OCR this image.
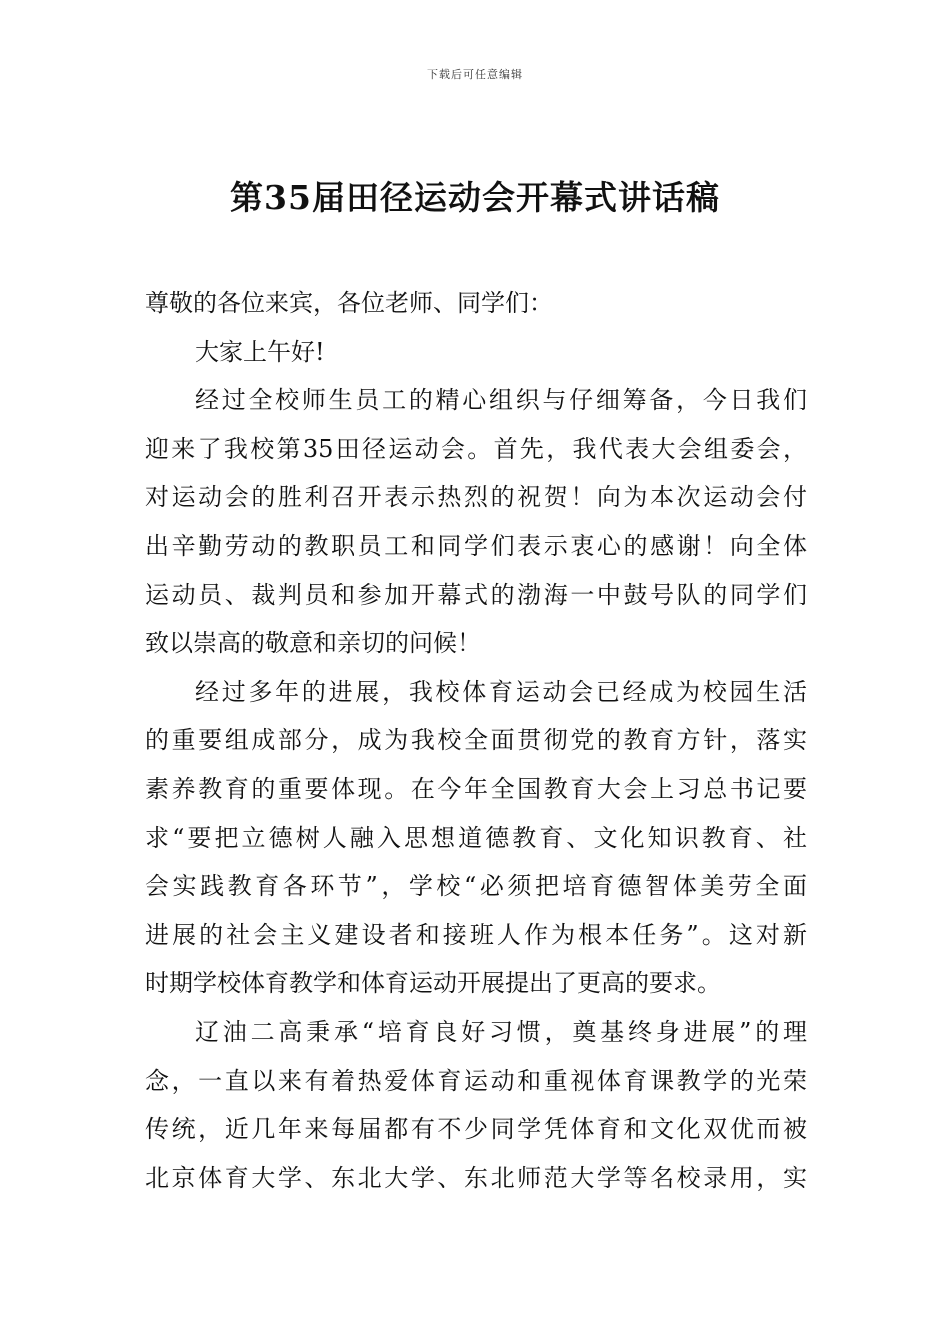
下载后可任意编辑
第35届田径运动会开幕式讲话稿
尊敬的各位来宾，各位老师、同学们：
大家上午好!
经过全校师生员工的精心组织与仔细筹备，今日我们
迎来了我校第35田径运动会。首先，我代表大会组委会，
对运动会的胜利召开表示热烈的祝贺！向为本次运动会付
出辛勤劳动的教职员工和同学们表示衷心的感谢！向全体
运动员、裁判员和参加开幕式的渤海一中鼓号队的同学们
致以崇高的敬意和亲切的问候！
经过多年的进展，我校体育运动会已经成为校园生活
的重要组成部分，成为我校全面贯彻党的教育方针，落实
素养教育的重要体现。在今年全国教育大会上习总书记要
求“要把立德树人融入思想道德教育、文化知识教育、社
会实践教育各环节”，学校“必须把培育德智体美劳全面
进展的社会主义建设者和接班人作为根本任务”。这对新
时期学校体育教学和体育运动开展提出了更高的要求。
辽油二高秉承“培育良好习惯，奠基终身进展”的理
念，一直以来有着热爱体育运动和重视体育课教学的光荣
传统，近几年来每届都有不少同学凭体育和文化双优而被
北京体育大学、东北大学、东北师范大学等名校录用，实
